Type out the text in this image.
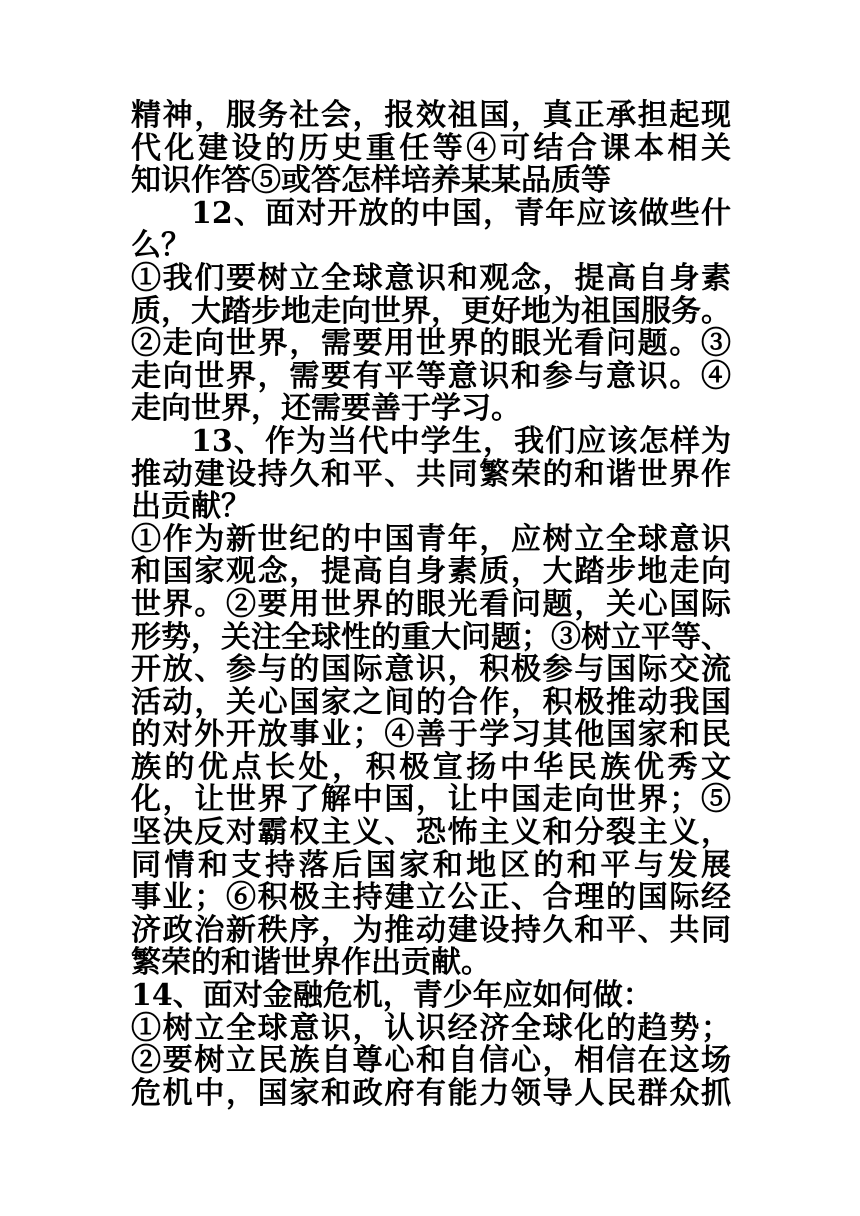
精神，服务社会，报效祖国，真正承担起现
代化建设的历史重任等④可结合课本相关
知识作答⑤或答怎样培养某某品质等
12、面对开放的中国，青年应该做些什
么？
①我们要树立全球意识和观念，提高自身素
质，大踏步地走向世界，更好地为祖国服务。
②走向世界，需要用世界的眼光看问题。③
走向世界，需要有平等意识和参与意识。④
走向世界，还需要善于学习。
13、作为当代中学生，我们应该怎样为
推动建设持久和平、共同繁荣的和谐世界作
出贡献？
①作为新世纪的中国青年，应树立全球意识
和国家观念，提高自身素质，大踏步地走向
世界。②要用世界的眼光看问题，关心国际
形势，关注全球性的重大问题；③树立平等、
开放、参与的国际意识，积极参与国际交流
活动，关心国家之间的合作，积极推动我国
的对外开放事业；④善于学习其他国家和民
族的优点长处，积极宣扬中华民族优秀文
化，让世界了解中国，让中国走向世界；⑤
坚决反对霸权主义、恐怖主义和分裂主义，
同情和支持落后国家和地区的和平与发展
事业；⑥积极主持建立公正、合理的国际经
济政治新秩序，为推动建设持久和平、共同
繁荣的和谐世界作出贡献。
14、面对金融危机，青少年应如何做：
①树立全球意识，认识经济全球化的趋势；
②要树立民族自尊心和自信心，相信在这场
危机中，国家和政府有能力领导人民群众抓
